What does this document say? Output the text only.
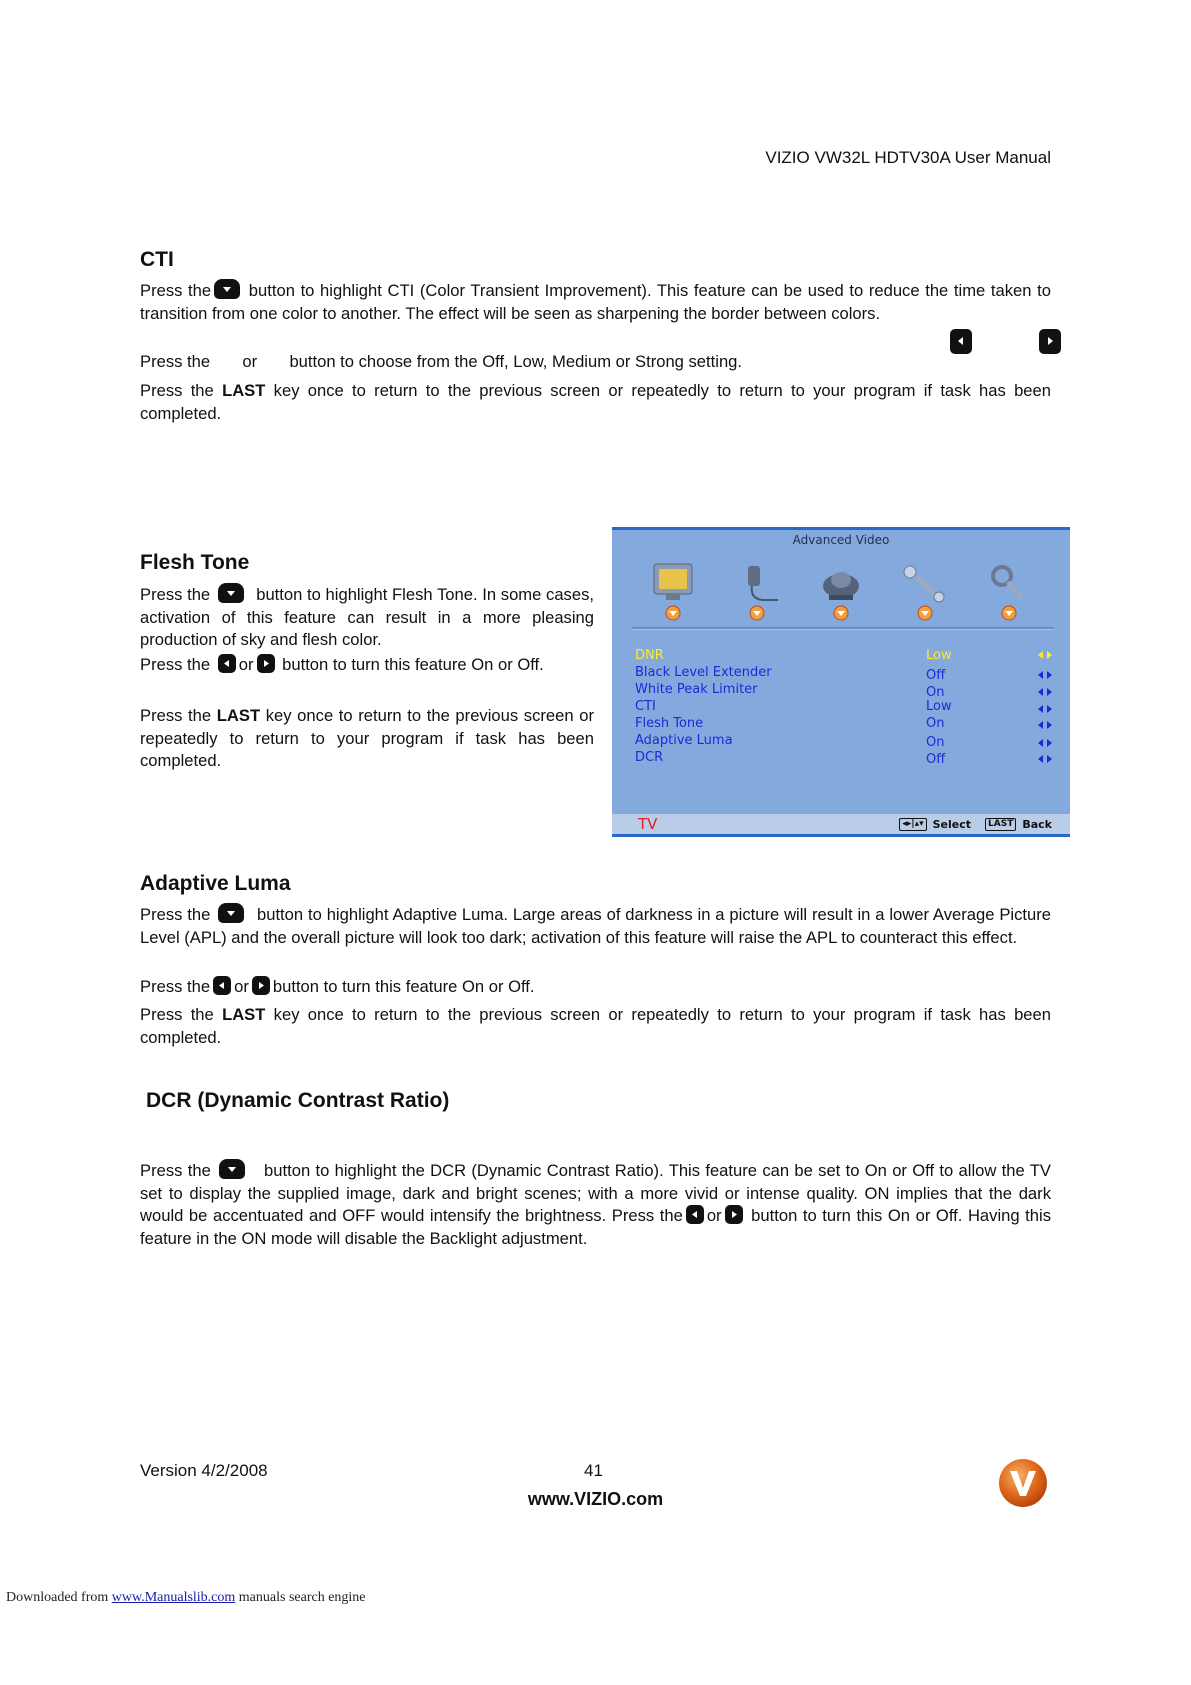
VIZIO VW32L HDTV30A User Manual
CTI

Press the
button to highlight CTI (Color Transient Improvement). This feature can be used to reduce the time taken to transition from one color to another. The effect will be seen as sharpening the border between colors.

Press the or button to choose from the Off, Low, Medium or Strong setting.

Press the LAST key once to return to the previous screen or repeatedly to return to your program if task has been completed.

Flesh Tone

Press the	button to highlight Flesh Tone. In some cases, activation of this feature can result in a more pleasing production of sky and flesh color.

Press the or button to turn this feature On or Off.

Press the LAST key once to return to the previous screen or repeatedly to return to your program if task has been completed.

Advanced Video
DNR	Low
Black Level Extender	Off
White Peak Limiter	On
CTI	Low
Flesh Tone	On
Adaptive Luma	On
DCR	Off
TV	◂▸|▴▾ Select	LAST Back
Adaptive Luma

Press the	button to highlight Adaptive Luma. Large areas of darkness in a picture will result in a lower Average Picture Level (APL) and the overall picture will look too dark; activation of this feature will raise the APL to counteract this effect.

Press the or button to turn this feature On or Off.

Press the LAST key once to return to the previous screen or repeatedly to return to your program if task has been completed.

DCR (Dynamic Contrast Ratio)

Press the	button to highlight the DCR (Dynamic Contrast Ratio). This feature can be set to On or Off to allow the TV set to display the supplied image, dark and bright scenes; with a more vivid or intense quality. ON implies that the dark would be accentuated and OFF would intensify the brightness. Press the or
button to turn this On or Off. Having this feature in the ON mode will disable the Backlight adjustment.

Version 4/2/2008	41
www.VIZIO.com
Downloaded from www.Manualslib.com manuals search engine
